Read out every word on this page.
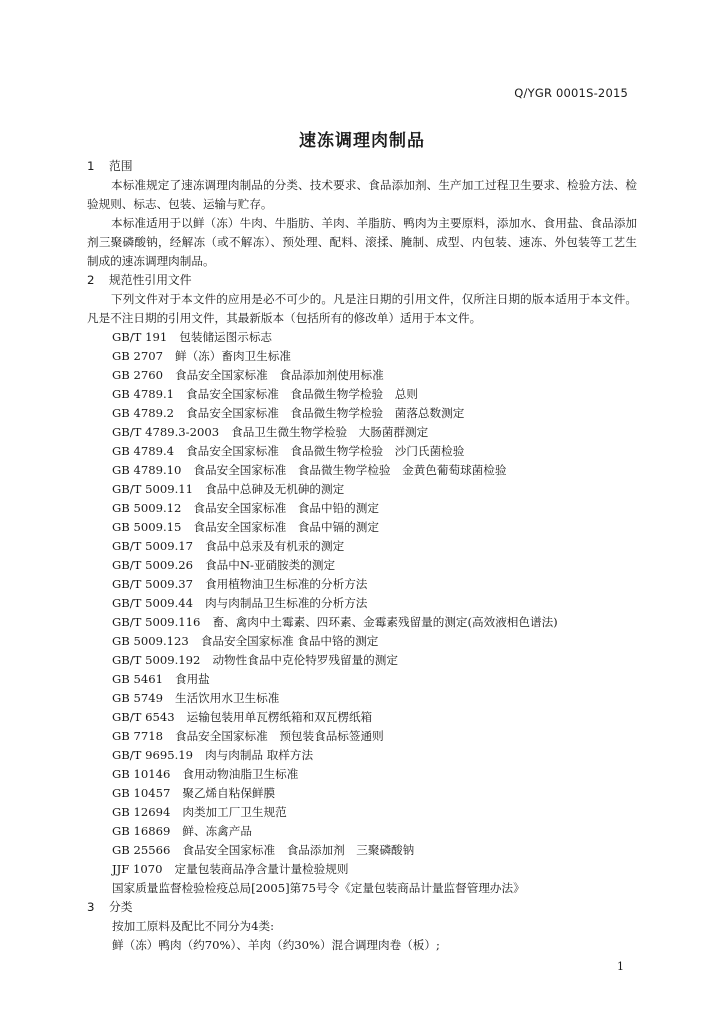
Q/YGR 0001S-2015
速冻调理肉制品
1 范围

本标准规定了速冻调理肉制品的分类、技术要求、食品添加剂、生产加工过程卫生要求、检验方法、检验规则、标志、包装、运输与贮存。

本标准适用于以鲜（冻）牛肉、牛脂肪、羊肉、羊脂肪、鸭肉为主要原料，添加水、食用盐、食品添加剂三聚磷酸钠，经解冻（或不解冻）、预处理、配料、滚揉、腌制、成型、内包装、速冻、外包装等工艺生制成的速冻调理肉制品。

2 规范性引用文件

下列文件对于本文件的应用是必不可少的。凡是注日期的引用文件，仅所注日期的版本适用于本文件。凡是不注日期的引用文件，其最新版本（包括所有的修改单）适用于本文件。

GB/T 191 包装储运图示标志
GB 2707 鲜（冻）畜肉卫生标准
GB 2760 食品安全国家标准　食品添加剂使用标准
GB 4789.1 食品安全国家标准　食品微生物学检验　总则
GB 4789.2 食品安全国家标准　食品微生物学检验　菌落总数测定
GB/T 4789.3-2003 食品卫生微生物学检验　大肠菌群测定
GB 4789.4 食品安全国家标准　食品微生物学检验　沙门氏菌检验
GB 4789.10 食品安全国家标准　食品微生物学检验　金黄色葡萄球菌检验
GB/T 5009.11 食品中总砷及无机砷的测定
GB 5009.12 食品安全国家标准　食品中铅的测定
GB 5009.15 食品安全国家标准　食品中镉的测定
GB/T 5009.17 食品中总汞及有机汞的测定
GB/T 5009.26 食品中N-亚硝胺类的测定
GB/T 5009.37 食用植物油卫生标准的分析方法
GB/T 5009.44 肉与肉制品卫生标准的分析方法
GB/T 5009.116 畜、禽肉中土霉素、四环素、金霉素残留量的测定(高效液相色谱法)
GB 5009.123 食品安全国家标准 食品中铬的测定
GB/T 5009.192 动物性食品中克伦特罗残留量的测定
GB 5461 食用盐
GB 5749 生活饮用水卫生标准
GB/T 6543 运输包装用单瓦楞纸箱和双瓦楞纸箱
GB 7718 食品安全国家标准　预包装食品标签通则
GB/T 9695.19 肉与肉制品 取样方法
GB 10146 食用动物油脂卫生标准
GB 10457 聚乙烯自粘保鲜膜
GB 12694 肉类加工厂卫生规范
GB 16869 鲜、冻禽产品
GB 25566 食品安全国家标准　食品添加剂　三聚磷酸钠
JJF 1070 定量包装商品净含量计量检验规则
国家质量监督检验检疫总局[2005]第75号令《定量包装商品计量监督管理办法》
3 分类
按加工原料及配比不同分为4类:
鲜（冻）鸭肉（约70%）、羊肉（约30%）混合调理肉卷（板）;
1
